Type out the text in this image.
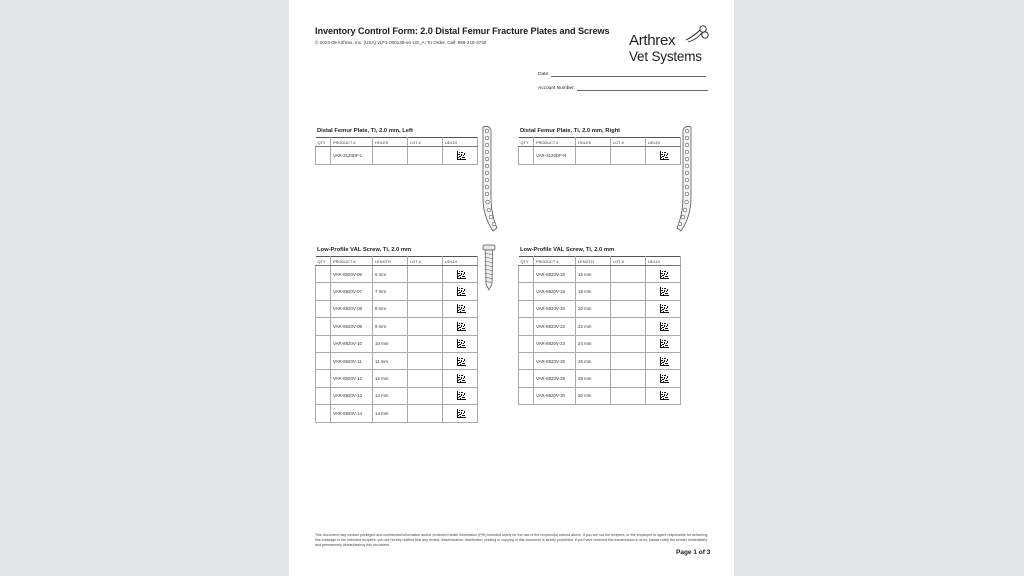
Inventory Control Form: 2.0 Distal Femur Fracture Plates and Screws
© 2023-09 Arthrex, Inc. (USA) vLF1-000148-en-US_A; To Order, Call: 888-215-3740	Arthrex
Vet Systems
Date:
Account Number:
Distal Femur Plate, Ti, 2.0 mm, Left
QTY	PRODUCT #	HOLES	LOT #	UDI-DI
	VAR-3120DF-L			
Distal Femur Plate, Ti, 2.0 mm, Right
QTY	PRODUCT #	HOLES	LOT #	UDI-DI
	VAR-3120DF-R			
Low-Profile VAL Screw, Ti, 2.0 mm
QTY	PRODUCT #	LENGTH	LOT #	UDI-DI
	VAR-8920V-06	6 mm		

	VAR-8920V-07	7 mm		

	VAR-8920V-08	8 mm		

	VAR-8920V-09	9 mm		

	VAR-8920V-10	10 mm		

	VAR-8920V-11	11 mm		

	VAR-8920V-12	12 mm		

	VAR-8920V-13	13 mm		

	VAR-8920V-14	14 mm		
Low-Profile VAL Screw, Ti, 2.0 mm
QTY	PRODUCT #	LENGTH	LOT #	UDI-DI
	VAR-8920V-16	16 mm		

	VAR-8920V-18	18 mm		

	VAR-8920V-20	20 mm		

	VAR-8920V-22	22 mm		

	VAR-8920V-24	24 mm		

	VAR-8920V-26	26 mm		

	VAR-8920V-28	28 mm		

	VAR-8920V-30	30 mm		
This document may contain privileged and confidential information and/or protected health information (PHI) intended solely for the use of the recipient(s) named above. If you are not the recipient, or the employee or agent responsible for delivering this message to the intended recipient, you are hereby notified that any review, dissemination, distribution, printing or copying of this document is strictly prohibited. If you have received this transmission in error, please notify the sender immediately and permanently delete/destroy this document.
Page 1 of 3
